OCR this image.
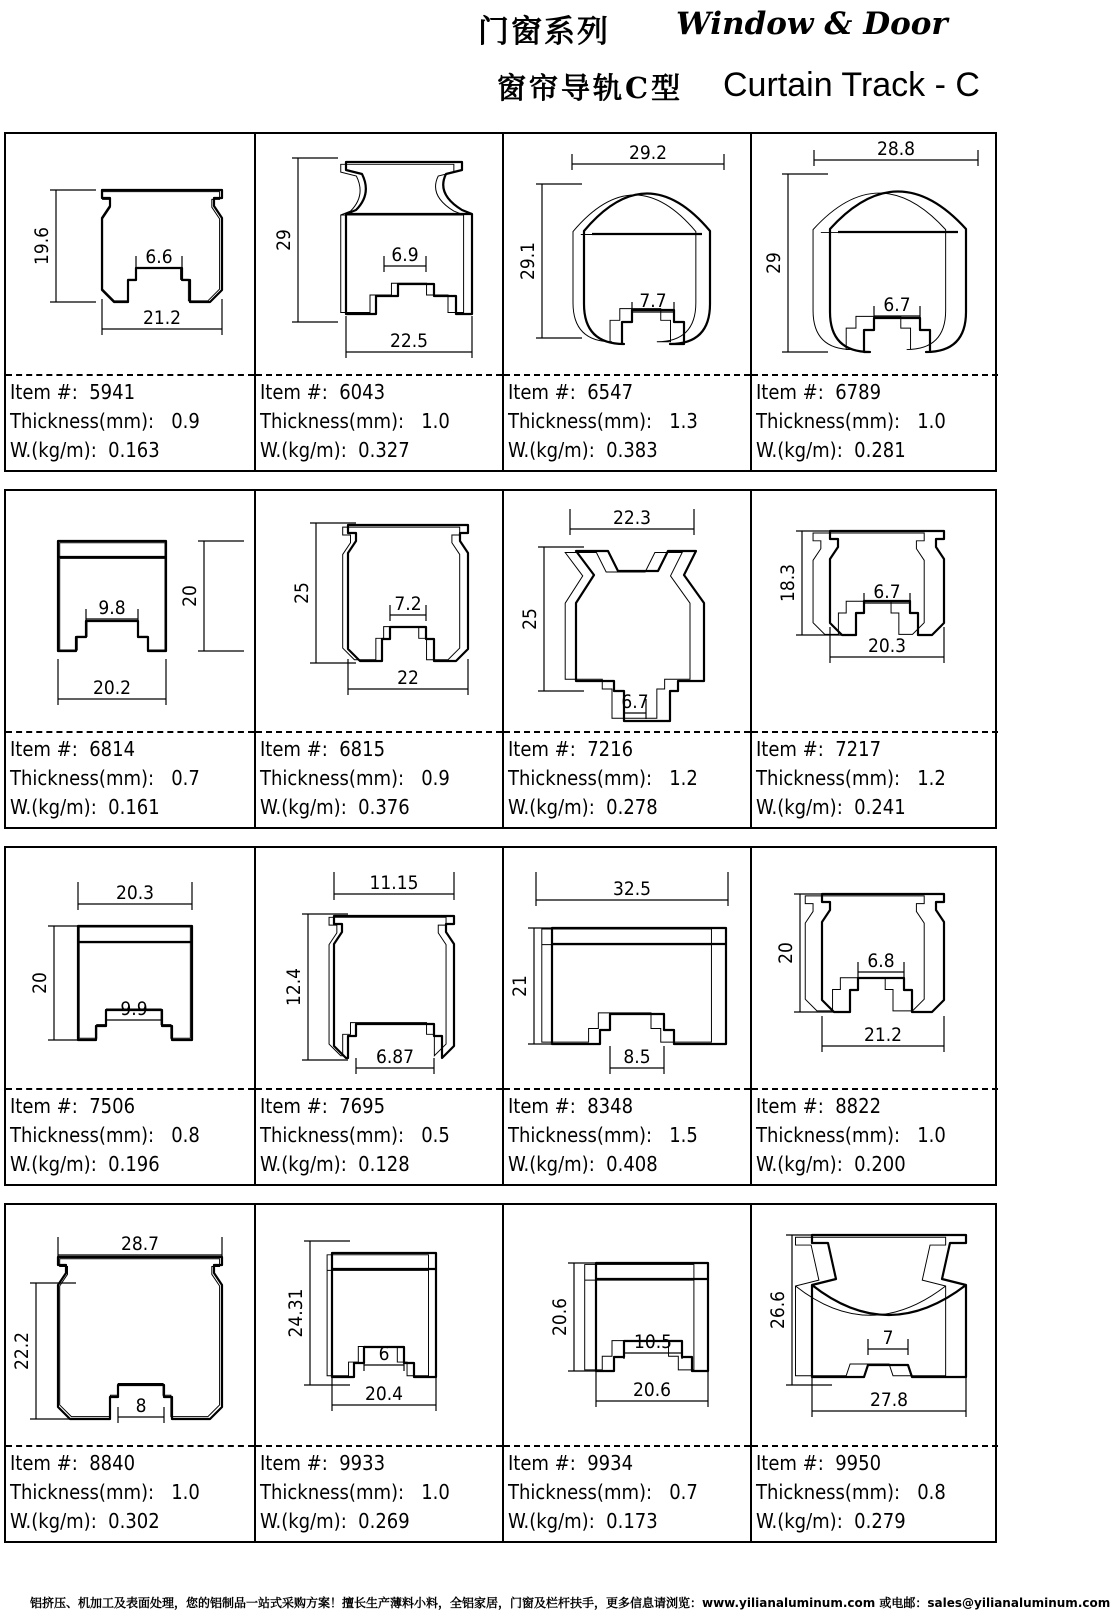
门窗系列 Window & Door
窗帘导轨C型 Curtain Track - C
19.6	6.6
21.2
Item #:  5941
Thickness(mm):   0.9
W.(kg/m):  0.163
29
6.9
22.5
Item #:  6043
Thickness(mm):   1.0
W.(kg/m):  0.327
29.1
29.2
7.7
Item #:  6547
Thickness(mm):   1.3
W.(kg/m):  0.383
29
28.8
6.7
Item #:  6789
Thickness(mm):   1.0
W.(kg/m):  0.281
20
9.8
20.2
Item #:  6814
Thickness(mm):   0.7
W.(kg/m):  0.161
25	7.2
22
Item #:  6815
Thickness(mm):   0.9
W.(kg/m):  0.376
25
22.3
6.7
Item #:  7216
Thickness(mm):   1.2
W.(kg/m):  0.278
18.3	6.7
20.3
Item #:  7217
Thickness(mm):   1.2
W.(kg/m):  0.241
20
20.3
9.9
Item #:  7506
Thickness(mm):   0.8
W.(kg/m):  0.196
12.4
11.15
6.87
Item #:  7695
Thickness(mm):   0.5
W.(kg/m):  0.128
21
32.5
8.5
Item #:  8348
Thickness(mm):   1.5
W.(kg/m):  0.408
20	6.8
21.2
Item #:  8822
Thickness(mm):   1.0
W.(kg/m):  0.200
22.2
28.7
8
Item #:  8840
Thickness(mm):   1.0
W.(kg/m):  0.302
24.31
6
20.4
Item #:  9933
Thickness(mm):   1.0
W.(kg/m):  0.269
20.6
10.5
20.6
Item #:  9934
Thickness(mm):   0.7
W.(kg/m):  0.173
26.6
7
27.8
Item #:  9950
Thickness(mm):   0.8
W.(kg/m):  0.279
铝挤压、机加工及表面处理，您的铝制品一站式采购方案！擅长生产薄料小料，全铝家居，门窗及栏杆扶手，更多信息请浏览：www.yilianaluminum.com 或电邮：sales@yilianaluminum.com
